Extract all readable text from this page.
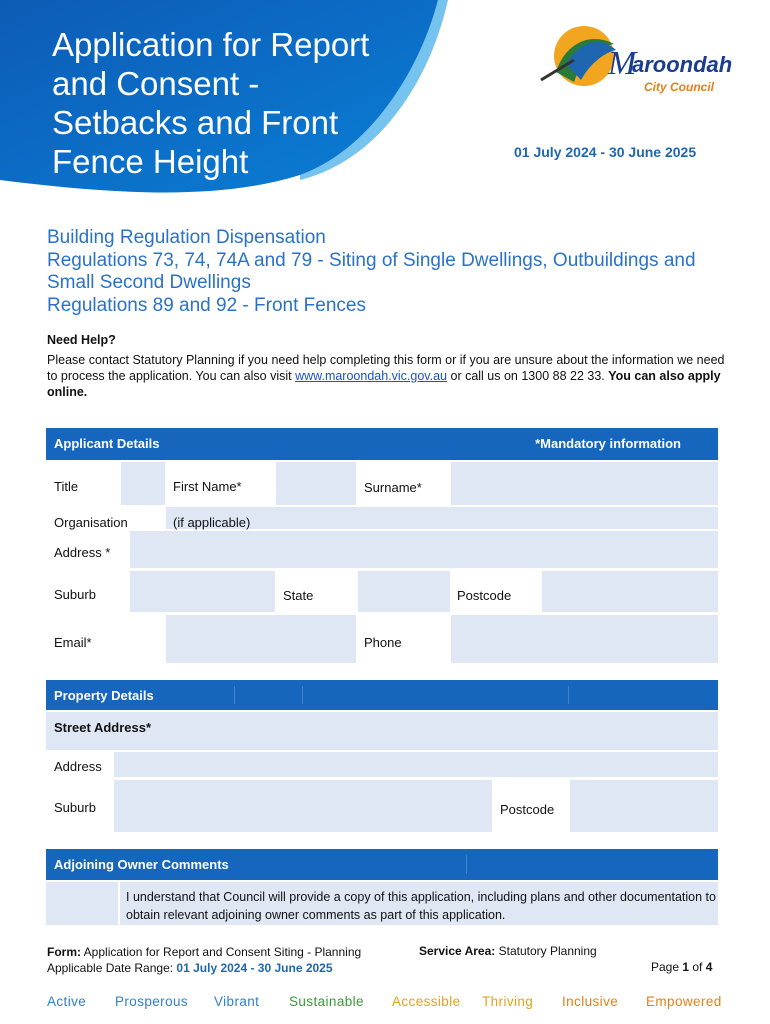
Application for Report
and Consent -
Setbacks and Front
Fence Height
M
aroondah
City Council
01 July 2024 - 30 June 2025
Building Regulation Dispensation
Regulations 73, 74, 74A and 79 - Siting of Single Dwellings, Outbuildings and Small Second Dwellings
Regulations 89 and 92 - Front Fences
Need Help?
Please contact Statutory Planning if you need help completing this form or if you are unsure about the information we need to process the application. You can also visit www.maroondah.vic.gov.au or call us on 1300 88 22 33. You can also apply online.
Applicant Details	*Mandatory information
Title	First Name*	Surname*
Organisation	(if applicable)
Address *
Suburb	State	Postcode
Email*	Phone
Property Details
Street Address*
Address
Suburb	Postcode
Adjoining Owner Comments
I understand that Council will provide a copy of this application, including plans and other documentation to obtain relevant adjoining owner comments as part of this application.
Form: Application for Report and Consent Siting - Planning
Applicable Date Range: 01 July 2024 - 30 June 2025
Service Area: Statutory Planning
Page 1 of 4
Active Prosperous Vibrant Sustainable Accessible Thriving Inclusive Empowered
